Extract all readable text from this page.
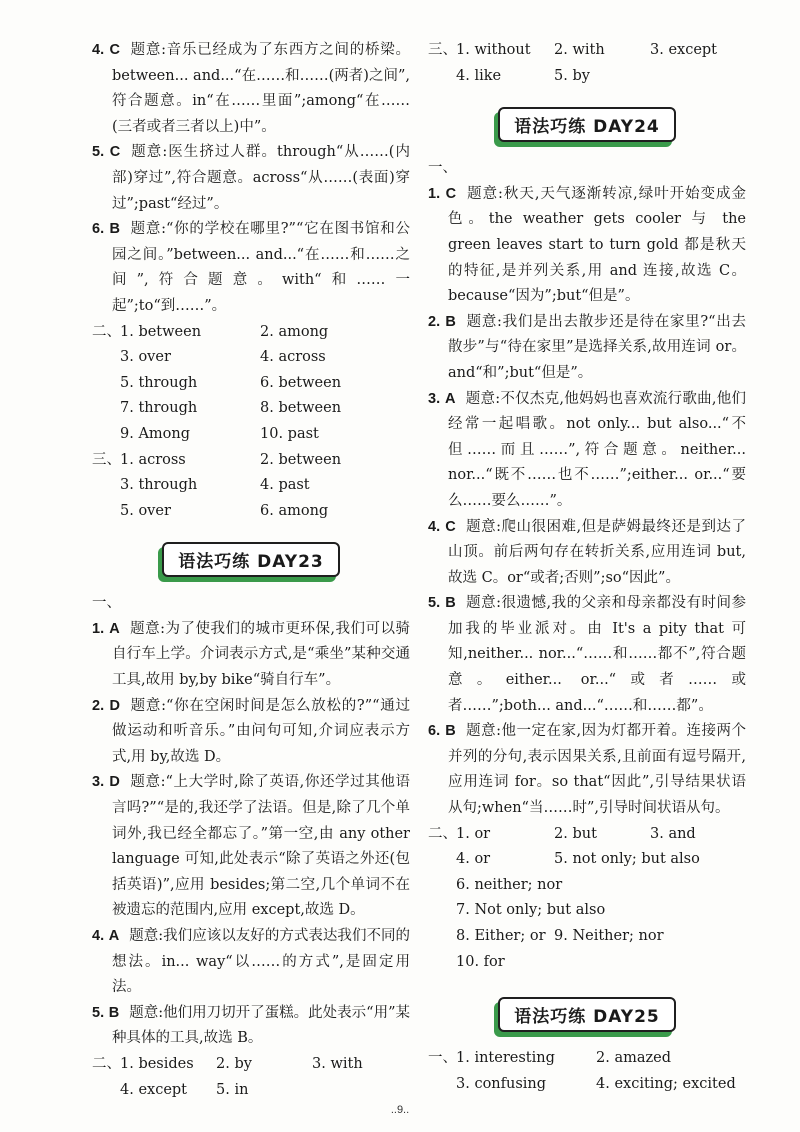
4. C 题意:音乐已经成为了东西方之间的桥梁。between... and...“在……和……(两者)之间”,符合题意。in“在……里面”;among“在……(三者或者三者以上)中”。
5. C 题意:医生挤过人群。through“从……(内部)穿过”,符合题意。across“从……(表面)穿过”;past“经过”。
6. B 题意:“你的学校在哪里?”“它在图书馆和公园之间。”between... and...“在……和……之间”,符合题意。with“和……一起”;to“到……”。
二、 1. between	2. among
3. over	4. across
5. through	6. between
7. through	8. between
9. Among	10. past
三、 1. across	2. between
3. through	4. past
5. over	6. among
语法巧练 DAY23
一、
1. A 题意:为了使我们的城市更环保,我们可以骑自行车上学。介词表示方式,是“乘坐”某种交通工具,故用 by,by bike“骑自行车”。
2. D 题意:“你在空闲时间是怎么放松的?”“通过做运动和听音乐。”由问句可知,介词应表示方式,用 by,故选 D。
3. D 题意:“上大学时,除了英语,你还学过其他语言吗?”“是的,我还学了法语。但是,除了几个单词外,我已经全都忘了。”第一空,由 any other language 可知,此处表示“除了英语之外还(包括英语)”,应用 besides;第二空,几个单词不在被遗忘的范围内,应用 except,故选 D。
4. A 题意:我们应该以友好的方式表达我们不同的想法。in... way“以……的方式”,是固定用法。
5. B 题意:他们用刀切开了蛋糕。此处表示“用”某种具体的工具,故选 B。
二、 1. besides	2. by	3. with
4. except	5. in
三、 1. without	2. with	3. except
4. like	5. by
语法巧练 DAY24
一、
1. C 题意:秋天,天气逐渐转凉,绿叶开始变成金色。the weather gets cooler 与 the green leaves start to turn gold 都是秋天的特征,是并列关系,用 and 连接,故选 C。because“因为”;but“但是”。
2. B 题意:我们是出去散步还是待在家里?“出去散步”与“待在家里”是选择关系,故用连词 or。and“和”;but“但是”。
3. A 题意:不仅杰克,他妈妈也喜欢流行歌曲,他们经常一起唱歌。not only... but also...“不但……而且……”,符合题意。neither... nor...“既不……也不……”;either... or...“要么……要么……”。
4. C 题意:爬山很困难,但是萨姆最终还是到达了山顶。前后两句存在转折关系,应用连词 but,故选 C。or“或者;否则”;so“因此”。
5. B 题意:很遗憾,我的父亲和母亲都没有时间参加我的毕业派对。由 It's a pity that 可知,neither... nor...“……和……都不”,符合题意。either... or...“或者……或者……”;both... and...“……和……都”。
6. B 题意:他一定在家,因为灯都开着。连接两个并列的分句,表示因果关系,且前面有逗号隔开,应用连词 for。so that“因此”,引导结果状语从句;when“当……时”,引导时间状语从句。
二、 1. or	2. but	3. and
4. or	5. not only; but also
6. neither; nor
7. Not only; but also
8. Either; or 9. Neither; nor
10. for
语法巧练 DAY25
一、 1. interesting	2. amazed
3. confusing	4. exciting; excited
..9..
